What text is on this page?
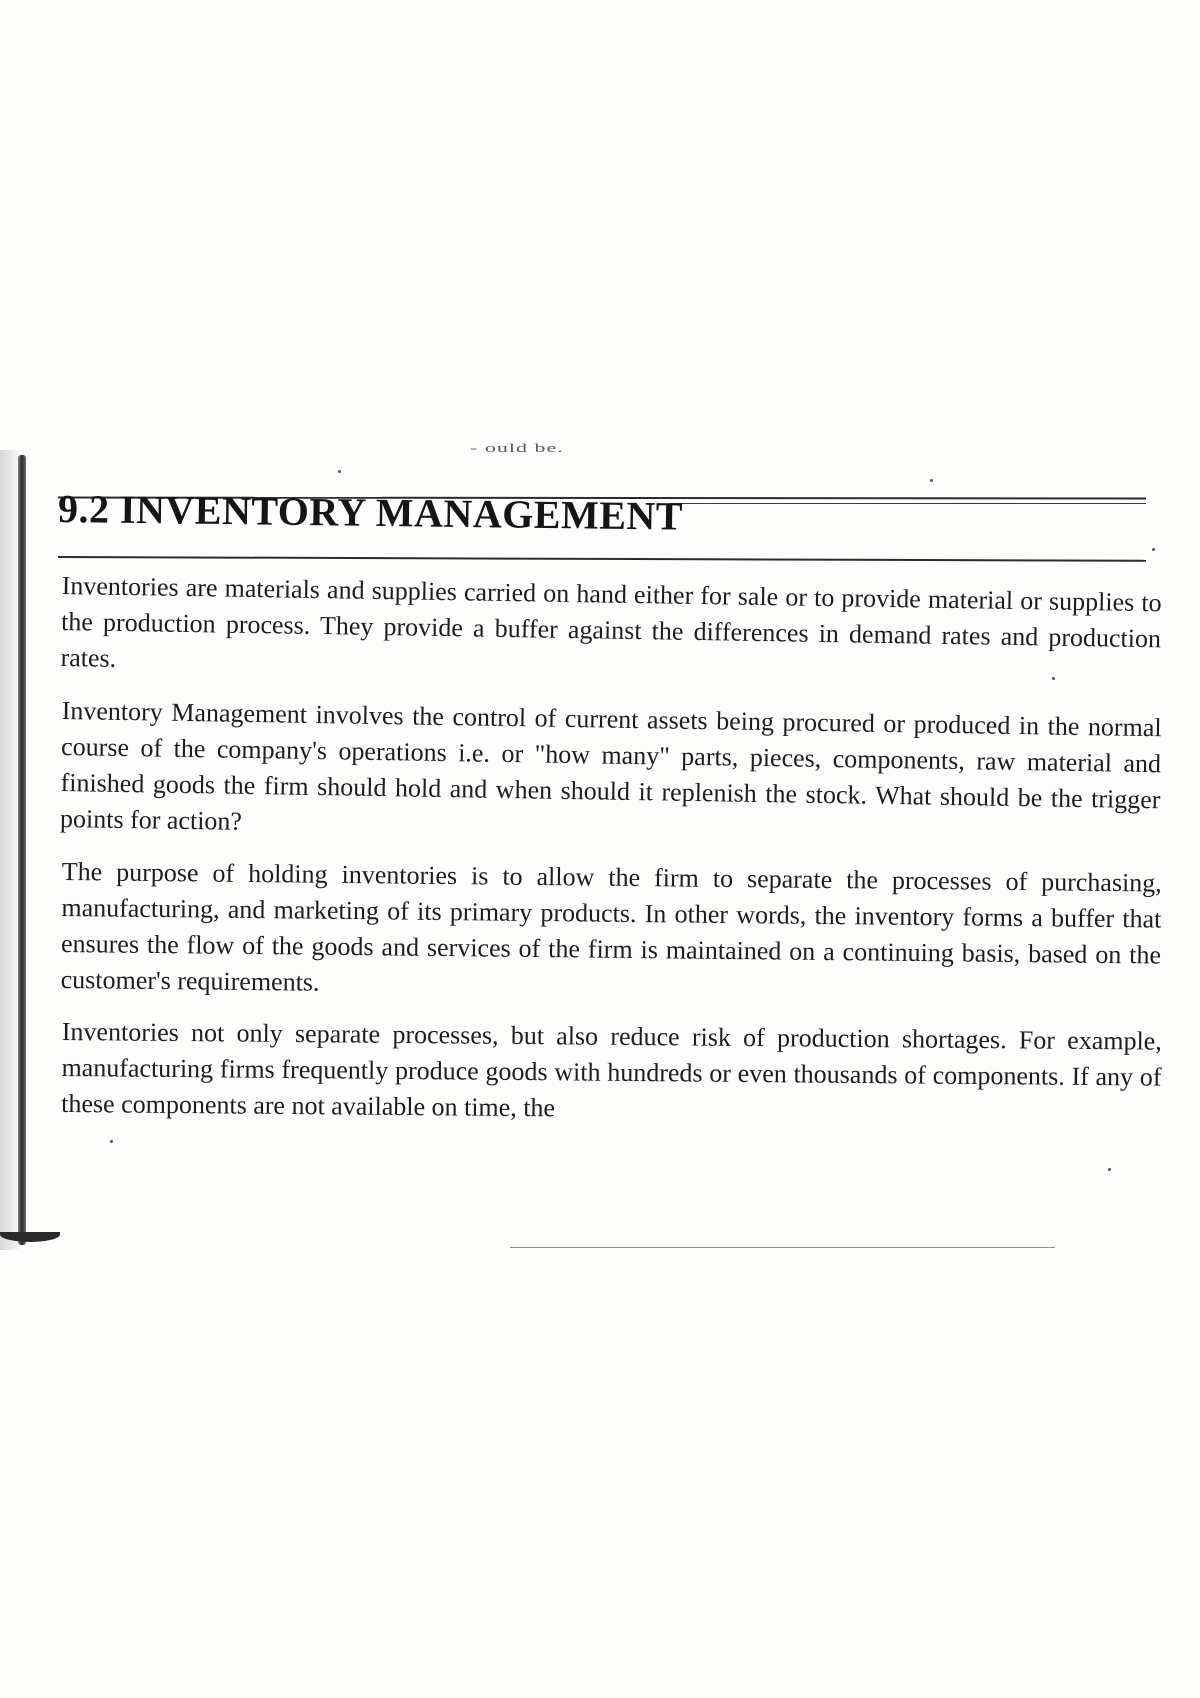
- ould be.
9.2 INVENTORY MANAGEMENT
Inventories are materials and supplies carried on hand either for sale or to provide material or supplies to the production process. They provide a buffer against the differences in demand rates and production rates.
Inventory Management involves the control of current assets being procured or produced in the normal course of the company's operations i.e. or "how many" parts, pieces, components, raw material and finished goods the firm should hold and when should it replenish the stock. What should be the trigger points for action?
The purpose of holding inventories is to allow the firm to separate the processes of purchasing, manufacturing, and marketing of its primary products. In other words, the inventory forms a buffer that ensures the flow of the goods and services of the firm is maintained on a continuing basis, based on the customer's requirements.
Inventories not only separate processes, but also reduce risk of production shortages. For example, manufacturing firms frequently produce goods with hundreds or even thousands of components. If any of these components are not available on time, the
